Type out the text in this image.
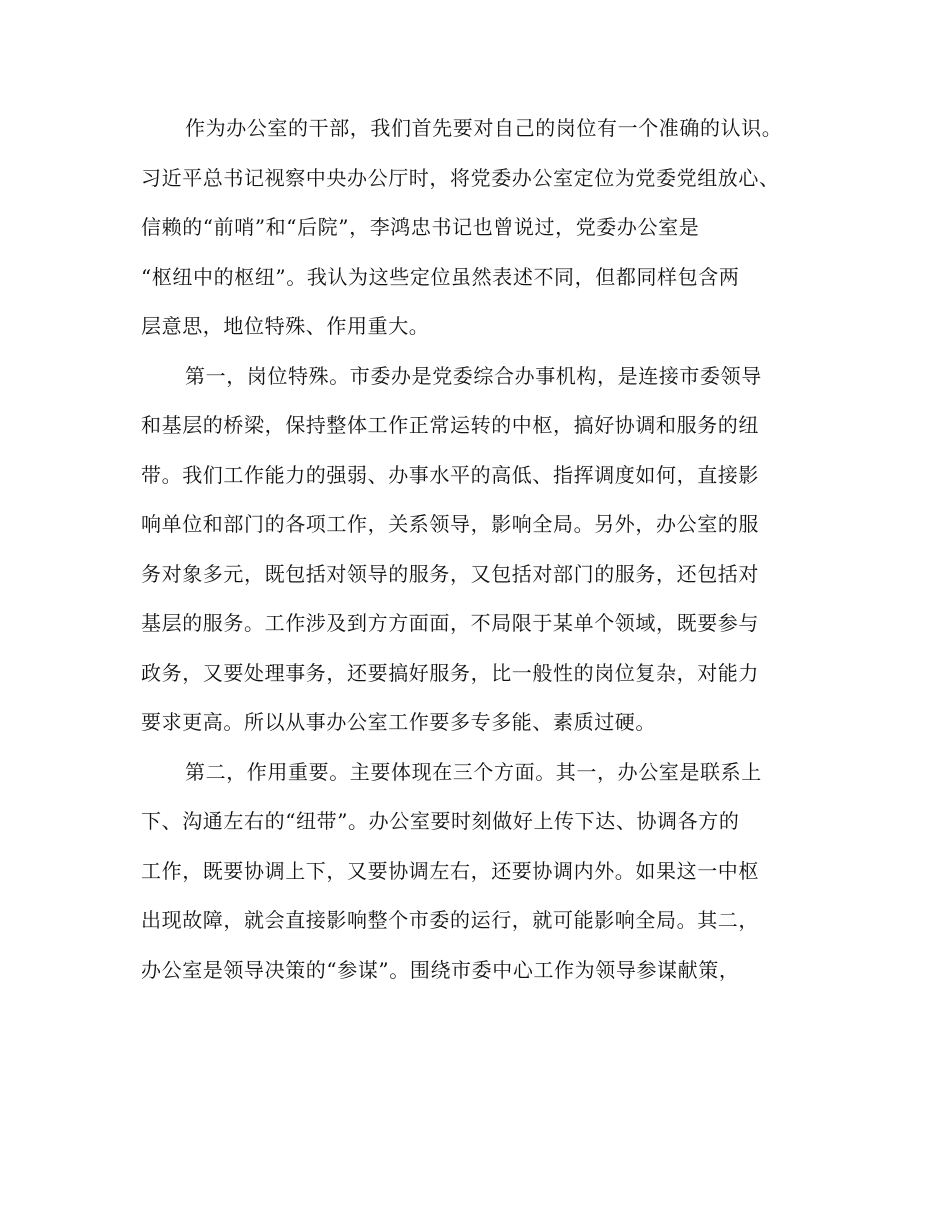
作为办公室的干部，我们首先要对自己的岗位有一个准确的认识。
习近平总书记视察中央办公厅时，将党委办公室定位为党委党组放心、
信赖的“前哨”和“后院”，李鸿忠书记也曾说过，党委办公室是
“枢纽中的枢纽”。我认为这些定位虽然表述不同，但都同样包含两
层意思，地位特殊、作用重大。
第一，岗位特殊。市委办是党委综合办事机构，是连接市委领导
和基层的桥梁，保持整体工作正常运转的中枢，搞好协调和服务的纽
带。我们工作能力的强弱、办事水平的高低、指挥调度如何，直接影
响单位和部门的各项工作，关系领导，影响全局。另外，办公室的服
务对象多元，既包括对领导的服务，又包括对部门的服务，还包括对
基层的服务。工作涉及到方方面面，不局限于某单个领域，既要参与
政务，又要处理事务，还要搞好服务，比一般性的岗位复杂，对能力
要求更高。所以从事办公室工作要多专多能、素质过硬。
第二，作用重要。主要体现在三个方面。其一，办公室是联系上
下、沟通左右的“纽带”。办公室要时刻做好上传下达、协调各方的
工作，既要协调上下，又要协调左右，还要协调内外。如果这一中枢
出现故障，就会直接影响整个市委的运行，就可能影响全局。其二，
办公室是领导决策的“参谋”。围绕市委中心工作为领导参谋献策，
